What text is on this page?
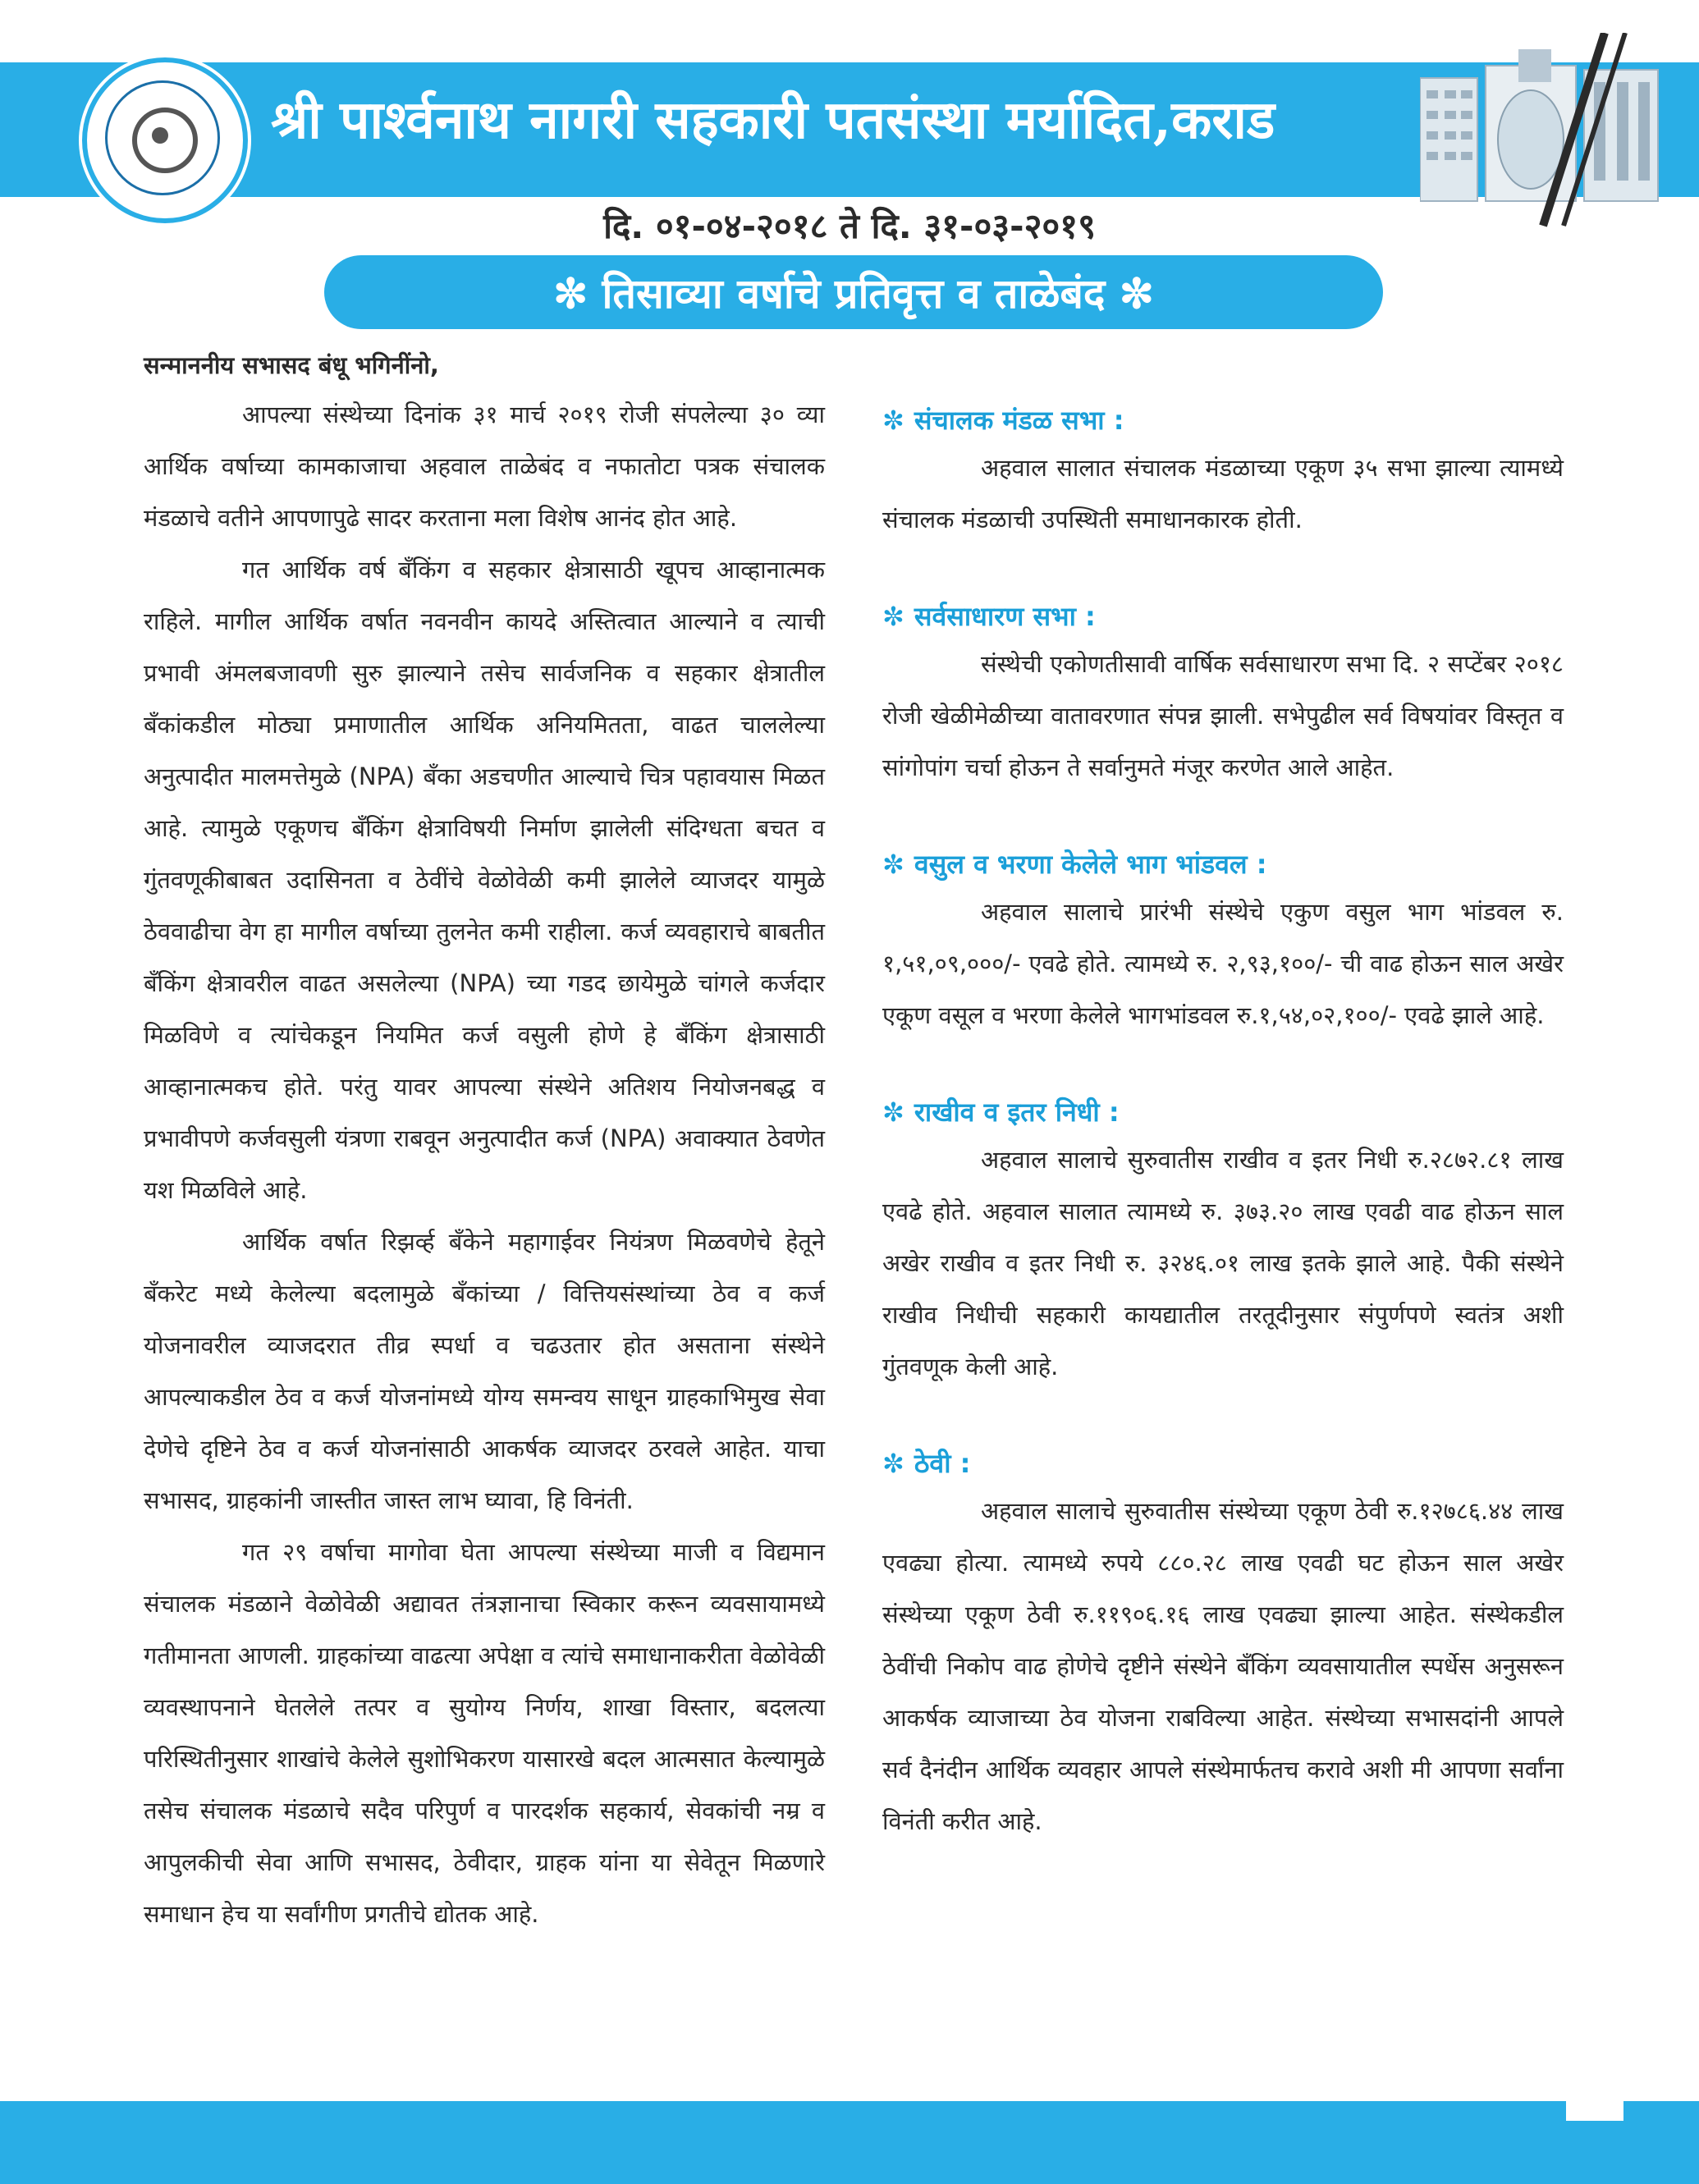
श्री पार्श्वनाथ नागरी सहकारी पतसंस्था मर्यादित,कराड
दि. ०१-०४-२०१८ ते दि. ३१-०३-२०१९
✼ तिसाव्या वर्षाचे प्रतिवृत्त व ताळेबंद ✼
सन्माननीय सभासद बंधू भगिनींनो,

आपल्या संस्थेच्या दिनांक ३१ मार्च २०१९ रोजी संपलेल्या ३० व्या आर्थिक वर्षाच्या कामकाजाचा अहवाल ताळेबंद व नफातोटा पत्रक संचालक मंडळाचे वतीने आपणापुढे सादर करताना मला विशेष आनंद होत आहे.

गत आर्थिक वर्ष बँकिंग व सहकार क्षेत्रासाठी खूपच आव्हानात्मक राहिले. मागील आर्थिक वर्षात नवनवीन कायदे अस्तित्वात आल्याने व त्याची प्रभावी अंमलबजावणी सुरु झाल्याने तसेच सार्वजनिक व सहकार क्षेत्रातील बँकांकडील मोठ्या प्रमाणातील आर्थिक अनियमितता, वाढत चाललेल्या अनुत्पादीत मालमत्तेमुळे (NPA) बँका अडचणीत आल्याचे चित्र पहावयास मिळत आहे. त्यामुळे एकूणच बँकिंग क्षेत्राविषयी निर्माण झालेली संदिग्धता बचत व गुंतवणूकीबाबत उदासिनता व ठेवींचे वेळोवेळी कमी झालेले व्याजदर यामुळे ठेववाढीचा वेग हा मागील वर्षाच्या तुलनेत कमी राहीला. कर्ज व्यवहाराचे बाबतीत बँकिंग क्षेत्रावरील वाढत असलेल्या (NPA) च्या गडद छायेमुळे चांगले कर्जदार मिळविणे व त्यांचेकडून नियमित कर्ज वसुली होणे हे बँकिंग क्षेत्रासाठी आव्हानात्मकच होते. परंतु यावर आपल्या संस्थेने अतिशय नियोजनबद्ध व प्रभावीपणे कर्जवसुली यंत्रणा राबवून अनुत्पादीत कर्ज (NPA) अवाक्यात ठेवणेत यश मिळविले आहे.

आर्थिक वर्षात रिझर्व्ह बँकेने महागाईवर नियंत्रण मिळवणेचे हेतूने बँकरेट मध्ये केलेल्या बदलामुळे बँकांच्या / वित्तियसंस्थांच्या ठेव व कर्ज योजनावरील व्याजदरात तीव्र स्पर्धा व चढउतार होत असताना संस्थेने आपल्याकडील ठेव व कर्ज योजनांमध्ये योग्य समन्वय साधून ग्राहकाभिमुख सेवा देणेचे दृष्टिने ठेव व कर्ज योजनांसाठी आकर्षक व्याजदर ठरवले आहेत. याचा सभासद, ग्राहकांनी जास्तीत जास्त लाभ घ्यावा, हि विनंती.

गत २९ वर्षाचा मागोवा घेता आपल्या संस्थेच्या माजी व विद्यमान संचालक मंडळाने वेळोवेळी अद्यावत तंत्रज्ञानाचा स्विकार करून व्यवसायामध्ये गतीमानता आणली. ग्राहकांच्या वाढत्या अपेक्षा व त्यांचे समाधानाकरीता वेळोवेळी व्यवस्थापनाने घेतलेले तत्पर व सुयोग्य निर्णय, शाखा विस्तार, बदलत्या परिस्थितीनुसार शाखांचे केलेले सुशोभिकरण यासारखे बदल आत्मसात केल्यामुळे तसेच संचालक मंडळाचे सदैव परिपुर्ण व पारदर्शक सहकार्य, सेवकांची नम्र व आपुलकीची सेवा आणि सभासद, ठेवीदार, ग्राहक यांना या सेवेतून मिळणारे समाधान हेच या सर्वांगीण प्रगतीचे द्योतक आहे.

✼ संचालक मंडळ सभा :

अहवाल सालात संचालक मंडळाच्या एकूण ३५ सभा झाल्या त्यामध्ये संचालक मंडळाची उपस्थिती समाधानकारक होती.

✼ सर्वसाधारण सभा :

संस्थेची एकोणतीसावी वार्षिक सर्वसाधारण सभा दि. २ सप्टेंबर २०१८ रोजी खेळीमेळीच्या वातावरणात संपन्न झाली. सभेपुढील सर्व विषयांवर विस्तृत व सांगोपांग चर्चा होऊन ते सर्वानुमते मंजूर करणेत आले आहेत.

✼ वसुल व भरणा केलेले भाग भांडवल :

अहवाल सालाचे प्रारंभी संस्थेचे एकुण वसुल भाग भांडवल रु. १,५१,०९,०००/- एवढे होते. त्यामध्ये रु. २,९३,१००/- ची वाढ होऊन साल अखेर एकूण वसूल व भरणा केलेले भागभांडवल रु.१,५४,०२,१००/- एवढे झाले आहे.

✼ राखीव व इतर निधी :

अहवाल सालाचे सुरुवातीस राखीव व इतर निधी रु.२८७२.८१ लाख एवढे होते. अहवाल सालात त्यामध्ये रु. ३७३.२० लाख एवढी वाढ होऊन साल अखेर राखीव व इतर निधी रु. ३२४६.०१ लाख इतके झाले आहे. पैकी संस्थेने राखीव निधीची सहकारी कायद्यातील तरतूदीनुसार संपुर्णपणे स्वतंत्र अशी गुंतवणूक केली आहे.

✼ ठेवी :

अहवाल सालाचे सुरुवातीस संस्थेच्या एकूण ठेवी रु.१२७८६.४४ लाख एवढ्या होत्या. त्यामध्ये रुपये ८८०.२८ लाख एवढी घट होऊन साल अखेर संस्थेच्या एकूण ठेवी रु.११९०६.१६ लाख एवढ्या झाल्या आहेत. संस्थेकडील ठेवींची निकोप वाढ होणेचे दृष्टीने संस्थेने बँकिंग व्यवसायातील स्पर्धेस अनुसरून आकर्षक व्याजाच्या ठेव योजना राबविल्या आहेत. संस्थेच्या सभासदांनी आपले सर्व दैनंदीन आर्थिक व्यवहार आपले संस्थेमार्फतच करावे अशी मी आपणा सर्वांना विनंती करीत आहे.
